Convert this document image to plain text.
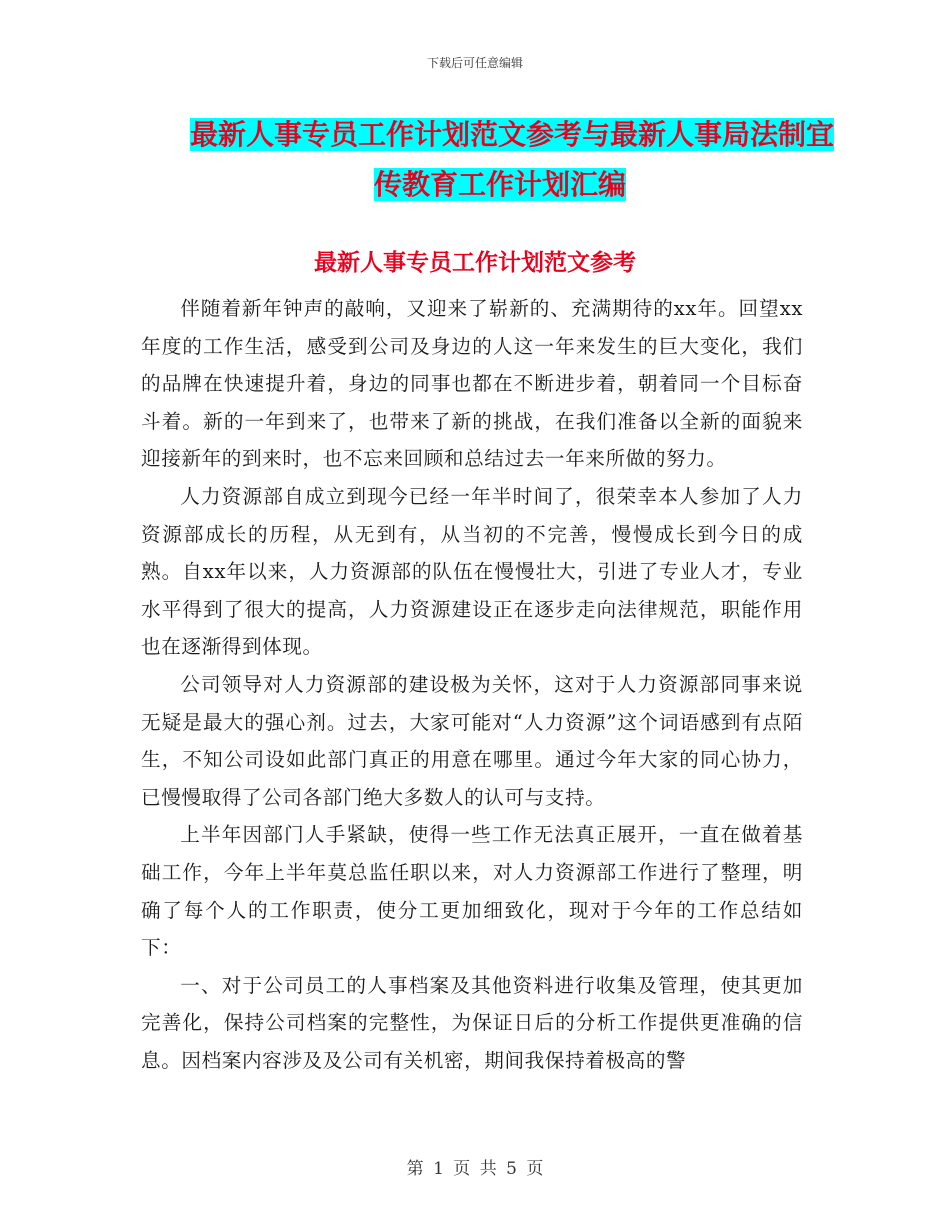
下载后可任意编辑
最新人事专员工作计划范文参考与最新人事局法制宜
传教育工作计划汇编
最新人事专员工作计划范文参考

伴随着新年钟声的敲响，又迎来了崭新的、充满期待的xx年。回望xx年度的工作生活，感受到公司及身边的人这一年来发生的巨大变化，我们的品牌在快速提升着，身边的同事也都在不断进步着，朝着同一个目标奋斗着。新的一年到来了，也带来了新的挑战，在我们准备以全新的面貌来迎接新年的到来时，也不忘来回顾和总结过去一年来所做的努力。

人力资源部自成立到现今已经一年半时间了，很荣幸本人参加了人力资源部成长的历程，从无到有，从当初的不完善，慢慢成长到今日的成熟。自xx年以来，人力资源部的队伍在慢慢壮大，引进了专业人才，专业水平得到了很大的提高，人力资源建设正在逐步走向法律规范，职能作用也在逐渐得到体现。

公司领导对人力资源部的建设极为关怀，这对于人力资源部同事来说无疑是最大的强心剂。过去，大家可能对“人力资源”这个词语感到有点陌生，不知公司设如此部门真正的用意在哪里。通过今年大家的同心协力，已慢慢取得了公司各部门绝大多数人的认可与支持。

上半年因部门人手紧缺，使得一些工作无法真正展开，一直在做着基础工作，今年上半年莫总监任职以来，对人力资源部工作进行了整理，明确了每个人的工作职责，使分工更加细致化，现对于今年的工作总结如下：

一、对于公司员工的人事档案及其他资料进行收集及管理，使其更加完善化，保持公司档案的完整性，为保证日后的分析工作提供更准确的信息。因档案内容涉及及公司有关机密，期间我保持着极高的警

第 1 页 共 5 页
